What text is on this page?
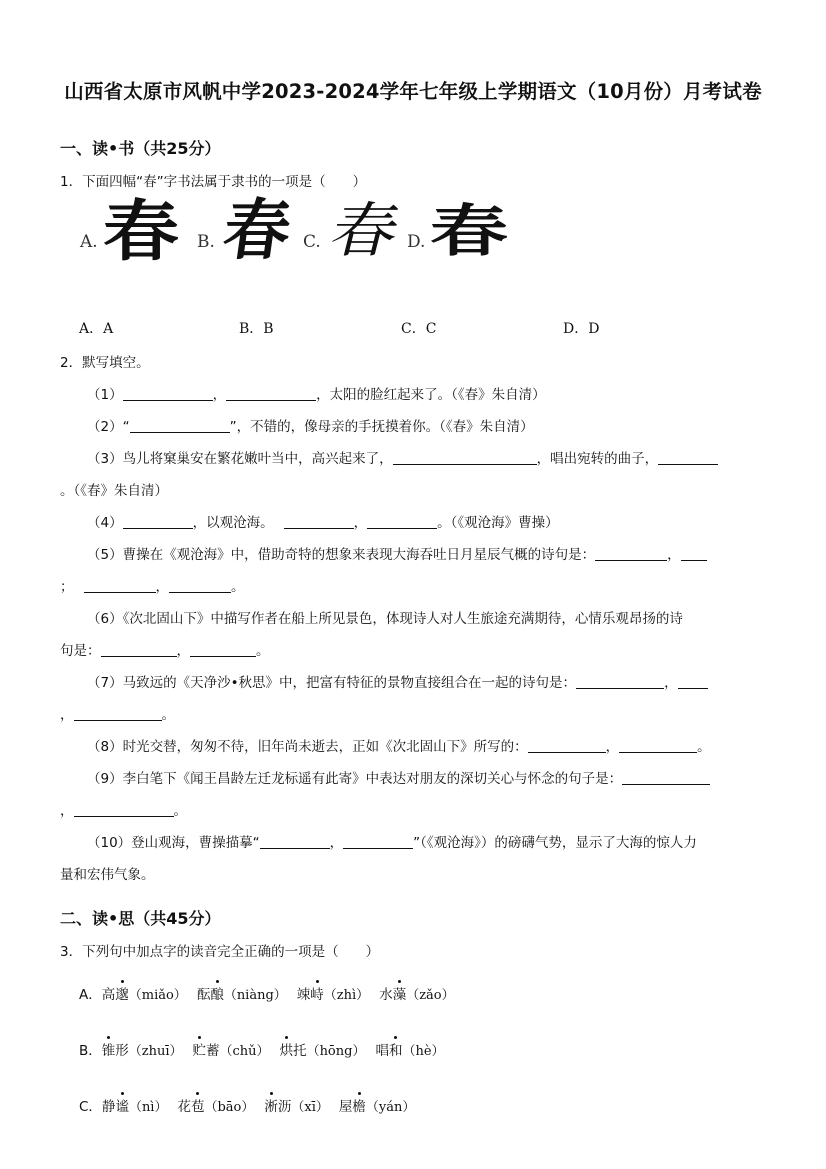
山西省太原市风帆中学2023-2024学年七年级上学期语文（10月份）月考试卷
一、读•书（共25分）
1．下面四幅“春”字书法属于隶书的一项是（　　）
A. 春 B. 春 C. 春 D. 春
A．A	B．B	C．C	D．D
2．默写填空。
（1）	，	，太阳的脸红起来了。（《春》朱自清）
（2）“	”，不错的，像母亲的手抚摸着你。（《春》朱自清）
（3）鸟儿将窠巢安在繁花嫩叶当中，高兴起来了，	，唱出宛转的曲子，
。（《春》朱自清）
（4）	，以观沧海。	，	。（《观沧海》曹操）
（5）曹操在《观沧海》中，借助奇特的想象来表现大海吞吐日月星辰气概的诗句是：	，
；	，	。
（6）《次北固山下》中描写作者在船上所见景色，体现诗人对人生旅途充满期待，心情乐观昂扬的诗
句是：	，	。
（7）马致远的《天净沙•秋思》中，把富有特征的景物直接组合在一起的诗句是：	，
，	。
（8）时光交替，匆匆不待，旧年尚未逝去，正如《次北固山下》所写的：	，	。
（9）李白笔下《闻王昌龄左迁龙标遥有此寄》中表达对朋友的深切关心与怀念的句子是：
，	。
（10）登山观海，曹操描摹“	，	”（《观沧海》）的磅礴气势，显示了大海的惊人力
量和宏伟气象。
二、读•思（共45分）
3．下列句中加点字的读音完全正确的一项是（　　）
A．高邈（miǎo） 酝酿（niàng） 竦峙（zhì） 水藻（zǎo）
B．锥形（zhuī） 贮蓄（chǔ） 烘托（hōng） 唱和（hè）
C．静谧（nì） 花苞（bāo） 淅沥（xī） 屋檐（yán）
